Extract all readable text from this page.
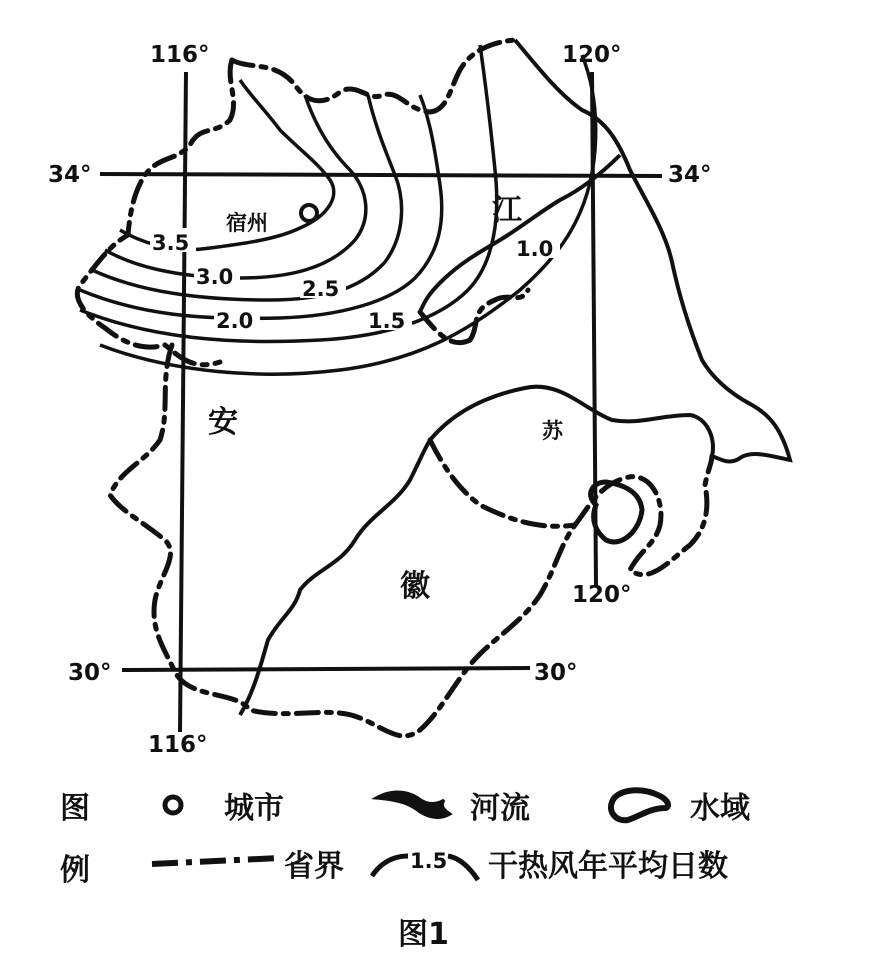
116°	120°
120°
116°
34°	34°
30°	30°
宿州
安
徽
江
苏
3.5
3.0	2.5
2.0	1.5
1.0
图
例
城市	河流	水域
省界	1.5 干热风年平均日数
图1
